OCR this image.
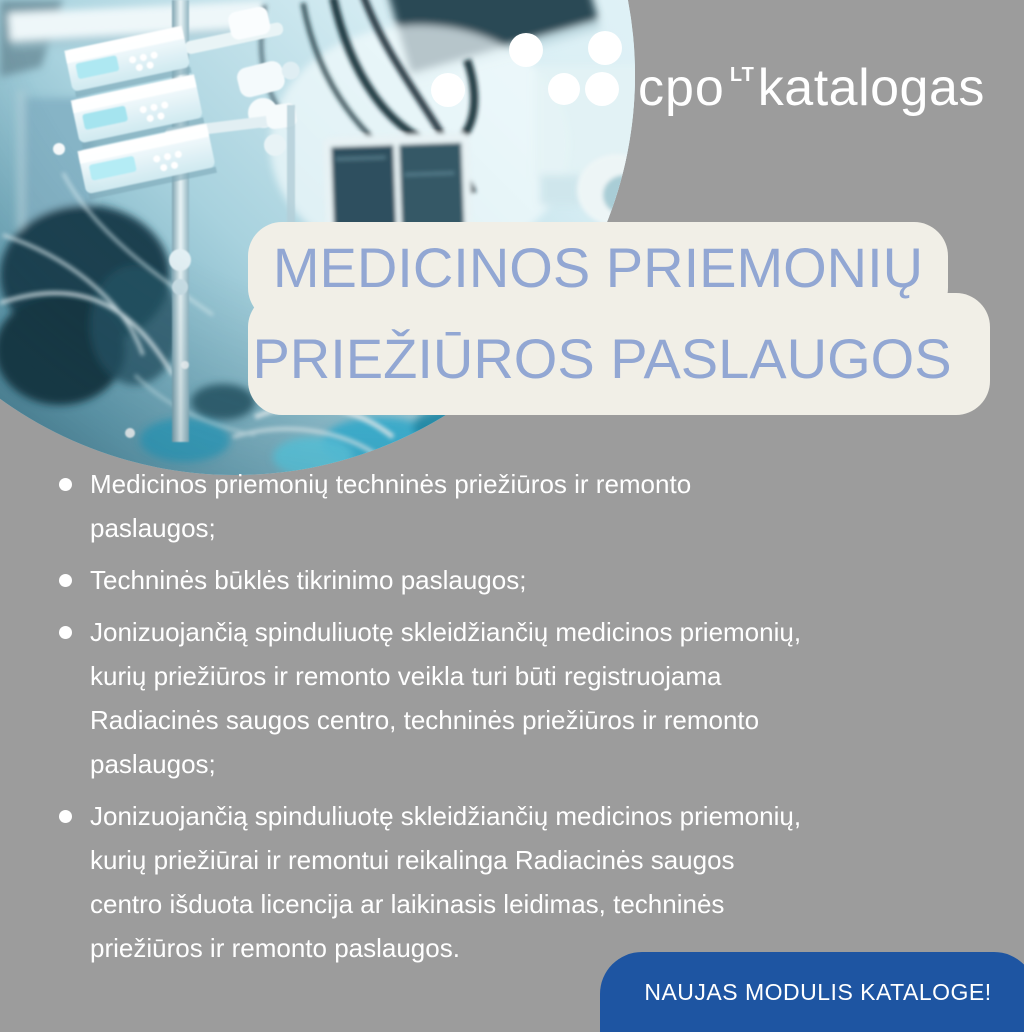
cpo LT katalogas
MEDICINOS PRIEMONIŲ
PRIEŽIŪROS PASLAUGOS
Medicinos priemonių techninės priežiūros ir remonto
paslaugos;
Techninės būklės tikrinimo paslaugos;
Jonizuojančią spinduliuotę skleidžiančių medicinos priemonių,
kurių priežiūros ir remonto veikla turi būti registruojama
Radiacinės saugos centro, techninės priežiūros ir remonto
paslaugos;
Jonizuojančią spinduliuotę skleidžiančių medicinos priemonių,
kurių priežiūrai ir remontui reikalinga Radiacinės saugos
centro išduota licencija ar laikinasis leidimas, techninės
priežiūros ir remonto paslaugos.
NAUJAS MODULIS KATALOGE!
